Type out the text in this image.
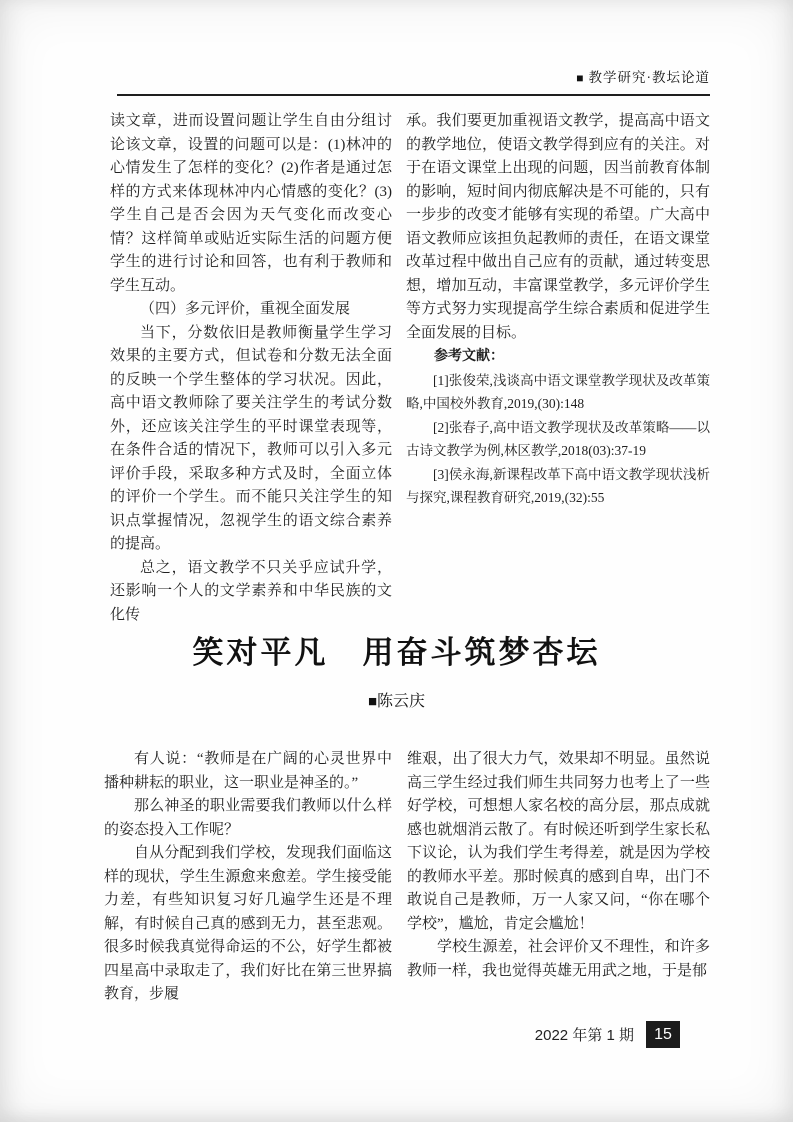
■ 教学研究·教坛论道

读文章，进而设置问题让学生自由分组讨论该文章，设置的问题可以是：(1)林冲的心情发生了怎样的变化？(2)作者是通过怎样的方式来体现林冲内心情感的变化？(3)学生自己是否会因为天气变化而改变心情？这样简单或贴近实际生活的问题方便学生的进行讨论和回答，也有利于教师和学生互动。

（四）多元评价，重视全面发展

当下，分数依旧是教师衡量学生学习效果的主要方式，但试卷和分数无法全面的反映一个学生整体的学习状况。因此，高中语文教师除了要关注学生的考试分数外，还应该关注学生的平时课堂表现等，在条件合适的情况下，教师可以引入多元评价手段，采取多种方式及时，全面立体的评价一个学生。而不能只关注学生的知识点掌握情况，忽视学生的语文综合素养的提高。

总之，语文教学不只关乎应试升学，还影响一个人的文学素养和中华民族的文化传

承。我们要更加重视语文教学，提高高中语文的教学地位，使语文教学得到应有的关注。对于在语文课堂上出现的问题，因当前教育体制的影响，短时间内彻底解决是不可能的，只有一步步的改变才能够有实现的希望。广大高中语文教师应该担负起教师的责任，在语文课堂改革过程中做出自己应有的贡献，通过转变思想，增加互动，丰富课堂教学，多元评价学生等方式努力实现提高学生综合素质和促进学生全面发展的目标。

参考文献：

[1]张俊荣,浅谈高中语文课堂教学现状及改革策略,中国校外教育,2019,(30):148

[2]张春子,高中语文教学现状及改革策略——以古诗文教学为例,林区教学,2018(03):37-19

[3]侯永海,新课程改革下高中语文教学现状浅析与探究,课程教育研究,2019,(32):55

笑对平凡　用奋斗筑梦杏坛

■陈云庆

有人说：“教师是在广阔的心灵世界中播种耕耘的职业，这一职业是神圣的。”

那么神圣的职业需要我们教师以什么样的姿态投入工作呢？

自从分配到我们学校，发现我们面临这样的现状，学生生源愈来愈差。学生接受能力差，有些知识复习好几遍学生还是不理解，有时候自己真的感到无力，甚至悲观。很多时候我真觉得命运的不公，好学生都被四星高中录取走了，我们好比在第三世界搞教育，步履

维艰，出了很大力气，效果却不明显。虽然说高三学生经过我们师生共同努力也考上了一些好学校，可想想人家名校的高分层，那点成就感也就烟消云散了。有时候还听到学生家长私下议论，认为我们学生考得差，就是因为学校的教师水平差。那时候真的感到自卑，出门不敢说自己是教师，万一人家又问，“你在哪个学校”，尴尬，肯定会尴尬！

学校生源差，社会评价又不理性，和许多教师一样，我也觉得英雄无用武之地，于是郁

2022 年第 1 期	15
